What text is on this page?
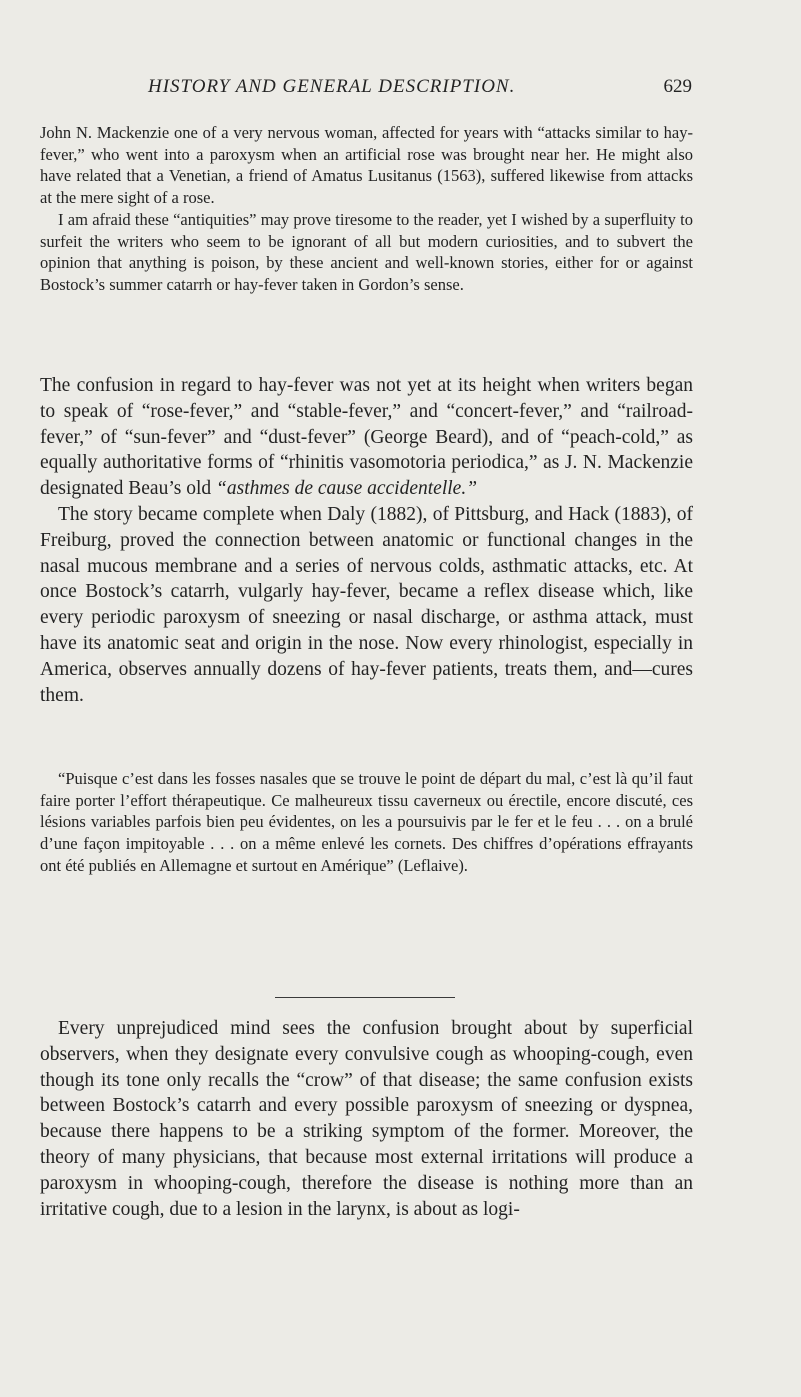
HISTORY AND GENERAL DESCRIPTION.	629

John N. Mackenzie one of a very nervous woman, affected for years with “attacks similar to hay-fever,” who went into a paroxysm when an artificial rose was brought near her. He might also have related that a Venetian, a friend of Amatus Lusitanus (1563), suffered likewise from attacks at the mere sight of a rose.

I am afraid these “antiquities” may prove tiresome to the reader, yet I wished by a superfluity to surfeit the writers who seem to be ignorant of all but modern curiosities, and to subvert the opinion that anything is poison, by these ancient and well-known stories, either for or against Bostock’s summer catarrh or hay-fever taken in Gordon’s sense.

The confusion in regard to hay-fever was not yet at its height when writers began to speak of “rose-fever,” and “stable-fever,” and “concert-fever,” and “railroad-fever,” of “sun-fever” and “dust-fever” (George Beard), and of “peach-cold,” as equally authoritative forms of “rhinitis vasomotoria periodica,” as J. N. Mackenzie designated Beau’s old “asthmes de cause accidentelle.”

The story became complete when Daly (1882), of Pittsburg, and Hack (1883), of Freiburg, proved the connection between anatomic or functional changes in the nasal mucous membrane and a series of nervous colds, asthmatic attacks, etc. At once Bostock’s catarrh, vulgarly hay-fever, became a reflex disease which, like every periodic paroxysm of sneezing or nasal discharge, or asthma attack, must have its anatomic seat and origin in the nose. Now every rhinologist, especially in America, observes annually dozens of hay-fever patients, treats them, and—cures them.

“Puisque c’est dans les fosses nasales que se trouve le point de départ du mal, c’est là qu’il faut faire porter l’effort thérapeutique. Ce malheureux tissu caverneux ou érectile, encore discuté, ces lésions variables parfois bien peu évidentes, on les a poursuivis par le fer et le feu . . . on a brulé d’une façon impitoyable . . . on a même enlevé les cornets. Des chiffres d’opérations effrayants ont été publiés en Allemagne et surtout en Amérique” (Leflaive).

Every unprejudiced mind sees the confusion brought about by superficial observers, when they designate every convulsive cough as whooping-cough, even though its tone only recalls the “crow” of that disease; the same confusion exists between Bostock’s catarrh and every possible paroxysm of sneezing or dyspnea, because there happens to be a striking symptom of the former. Moreover, the theory of many physicians, that because most external irritations will produce a paroxysm in whooping-cough, therefore the disease is nothing more than an irritative cough, due to a lesion in the larynx, is about as logi-
